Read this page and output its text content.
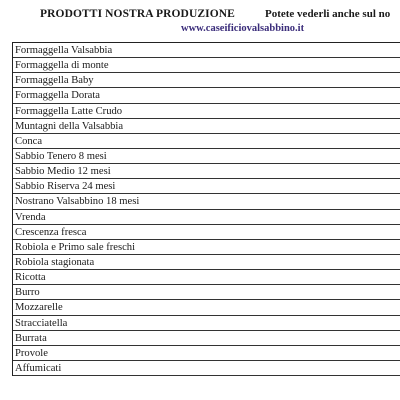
PRODOTTI NOSTRA PRODUZIONE	Potete vederli anche sul no
www.caseificiovalsabbino.it
Formaggella Valsabbia
Formaggella di monte
Formaggella Baby
Formaggella Dorata
Formaggella Latte Crudo
Muntagnì della Valsabbia
Conca
Sabbio Tenero 8 mesi
Sabbio Medio 12 mesi
Sabbio Riserva 24 mesi
Nostrano Valsabbino 18 mesi
Vrenda
Crescenza fresca
Robiola e Primo sale freschi
Robiola stagionata
Ricotta
Burro
Mozzarelle
Stracciatella
Burrata
Provole
Affumicati
